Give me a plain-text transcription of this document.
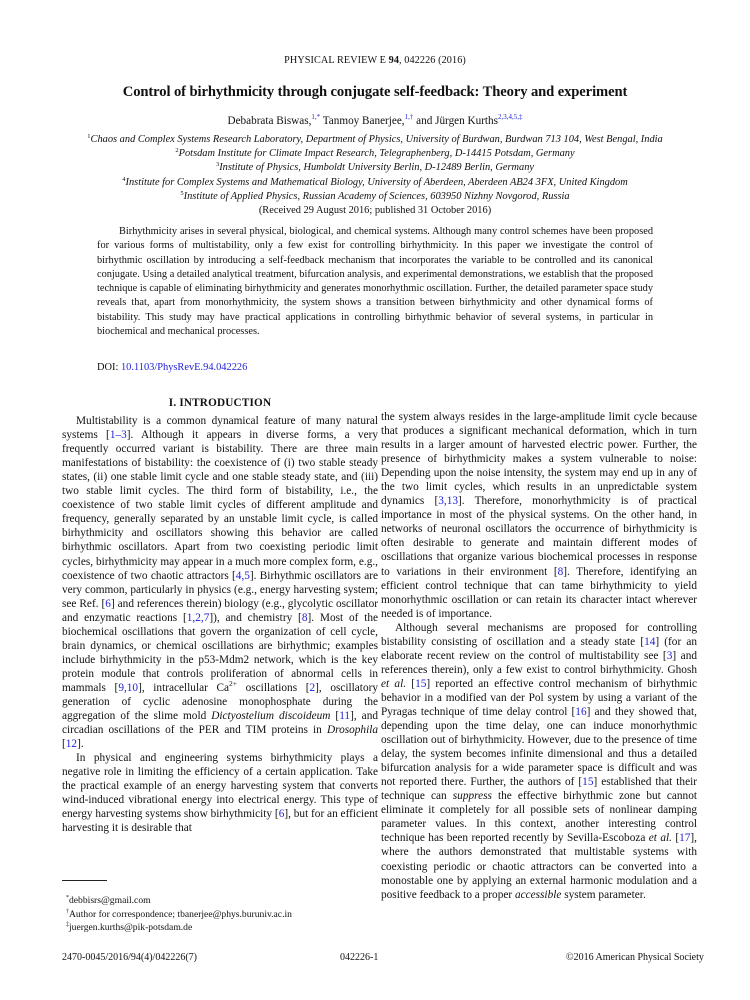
PHYSICAL REVIEW E 94, 042226 (2016)
Control of birhythmicity through conjugate self-feedback: Theory and experiment
Debabrata Biswas,$^{1,*}$ Tanmoy Banerjee,$^{1,\dagger}$ and Jürgen Kurths$^{2,3,4,5,\ddagger}$
$^1$Chaos and Complex Systems Research Laboratory, Department of Physics, University of Burdwan, Burdwan 713 104, West Bengal, India
$^2$Potsdam Institute for Climate Impact Research, Telegraphenberg, D-14415 Potsdam, Germany
$^3$Institute of Physics, Humboldt University Berlin, D-12489 Berlin, Germany
$^4$Institute for Complex Systems and Mathematical Biology, University of Aberdeen, Aberdeen AB24 3FX, United Kingdom
$^5$Institute of Applied Physics, Russian Academy of Sciences, 603950 Nizhny Novgorod, Russia
(Received 29 August 2016; published 31 October 2016)
Birhythmicity arises in several physical, biological, and chemical systems. Although many control schemes have been proposed for various forms of multistability, only a few exist for controlling birhythmicity. In this paper we investigate the control of birhythmic oscillation by introducing a self-feedback mechanism that incorporates the variable to be controlled and its canonical conjugate. Using a detailed analytical treatment, bifurcation analysis, and experimental demonstrations, we establish that the proposed technique is capable of eliminating birhythmicity and generates monorhythmic oscillation. Further, the detailed parameter space study reveals that, apart from monorhythmicity, the system shows a transition between birhythmicity and other dynamical forms of bistability. This study may have practical applications in controlling birhythmic behavior of several systems, in particular in biochemical and mechanical processes.
DOI: 10.1103/PhysRevE.94.042226
I. INTRODUCTION

Multistability is a common dynamical feature of many natural systems [1–3]. Although it appears in diverse forms, a very frequently occurred variant is bistability. There are three main manifestations of bistability: the coexistence of (i) two stable steady states, (ii) one stable limit cycle and one stable steady state, and (iii) two stable limit cycles. The third form of bistability, i.e., the coexistence of two stable limit cycles of different amplitude and frequency, generally separated by an unstable limit cycle, is called birhythmicity and oscillators showing this behavior are called birhythmic oscillators. Apart from two coexisting periodic limit cycles, birhythmicity may appear in a much more complex form, e.g., coexistence of two chaotic attractors [4,5]. Birhythmic oscillators are very common, particularly in physics (e.g., energy harvesting system; see Ref. [6] and references therein) biology (e.g., glycolytic oscillator and enzymatic reactions [1,2,7]), and chemistry [8]. Most of the biochemical oscillations that govern the organization of cell cycle, brain dynamics, or chemical oscillations are birhythmic; examples include birhythmicity in the p53-Mdm2 network, which is the key protein module that controls proliferation of abnormal cells in mammals [9,10], intracellular $Ca^{2+}$ oscillations [2], oscillatory generation of cyclic adenosine monophosphate during the aggregation of the slime mold Dictyostelium discoideum [11], and circadian oscillations of the PER and TIM proteins in Drosophila [12].

In physical and engineering systems birhythmicity plays a negative role in limiting the efficiency of a certain application. Take the practical example of an energy harvesting system that converts wind-induced vibrational energy into electrical energy. This type of energy harvesting systems show birhythmicity [6], but for an efficient harvesting it is desirable that

the system always resides in the large-amplitude limit cycle because that produces a significant mechanical deformation, which in turn results in a larger amount of harvested electric power. Further, the presence of birhythmicity makes a system vulnerable to noise: Depending upon the noise intensity, the system may end up in any of the two limit cycles, which results in an unpredictable system dynamics [3,13]. Therefore, monorhythmicity is of practical importance in most of the physical systems. On the other hand, in networks of neuronal oscillators the occurrence of birhythmicity is often desirable to generate and maintain different modes of oscillations that organize various biochemical processes in response to variations in their environment [8]. Therefore, identifying an efficient control technique that can tame birhythmicity to yield monorhythmic oscillation or can retain its character intact wherever needed is of importance.

Although several mechanisms are proposed for controlling bistability consisting of oscillation and a steady state [14] (for an elaborate recent review on the control of multistability see [3] and references therein), only a few exist to control birhythmicity. Ghosh et al. [15] reported an effective control mechanism of birhythmic behavior in a modified van der Pol system by using a variant of the Pyragas technique of time delay control [16] and they showed that, depending upon the time delay, one can induce monorhythmic oscillation out of birhythmicity. However, due to the presence of time delay, the system becomes infinite dimensional and thus a detailed bifurcation analysis for a wide parameter space is difficult and was not reported there. Further, the authors of [15] established that their technique can suppress the effective birhythmic zone but cannot eliminate it completely for all possible sets of nonlinear damping parameter values. In this context, another interesting control technique has been reported recently by Sevilla-Escoboza et al. [17], where the authors demonstrated that multistable systems with coexisting periodic or chaotic attractors can be converted into a monostable one by applying an external harmonic modulation and a positive feedback to a proper accessible system parameter.

*debbisrs@gmail.com
†Author for correspondence; tbanerjee@phys.buruniv.ac.in
‡juergen.kurths@pik-potsdam.de
2470-0045/2016/94(4)/042226(7)	042226-1	©2016 American Physical Society
